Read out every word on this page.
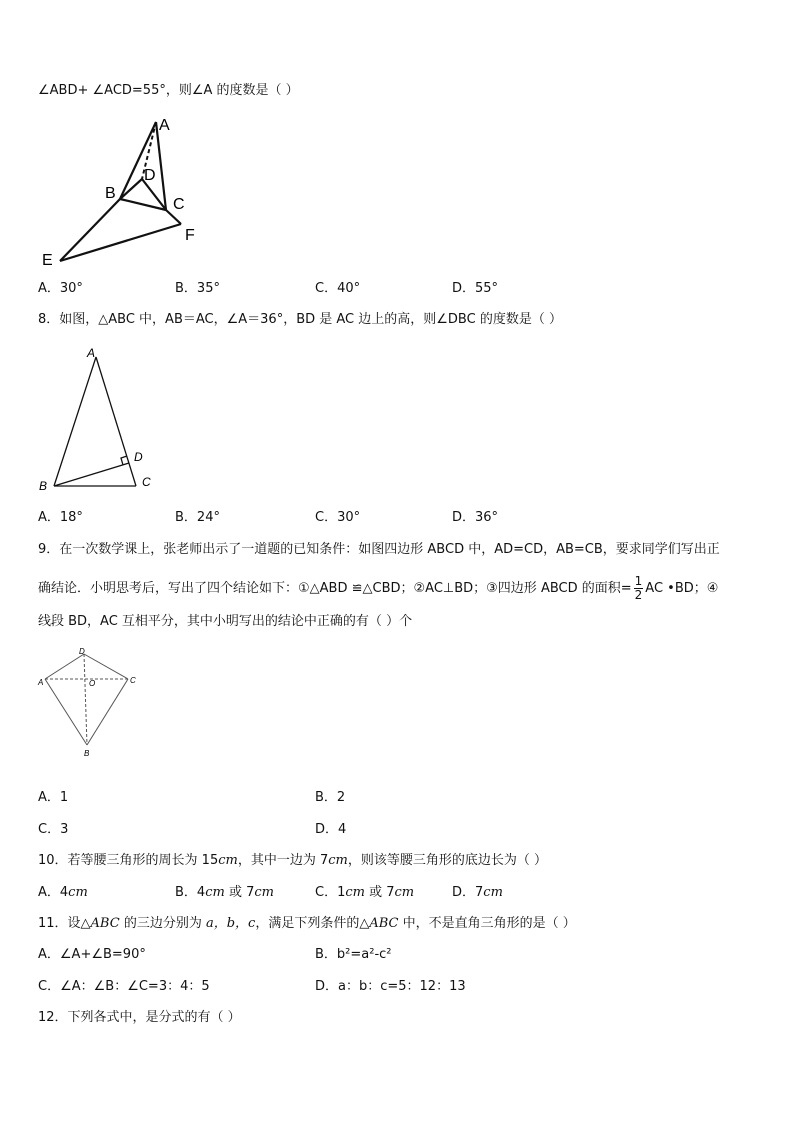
∠ABD+ ∠ACD=55°，则∠A 的度数是（ ）
A
B
D
C
F
E
A．30°	B．35°	C．40°	D．55°
8．如图，△ABC 中，AB＝AC，∠A＝36°，BD 是 AC 边上的高，则∠DBC 的度数是（ ）
A
D
B	C
A．18°	B．24°	C．30°	D．36°
9．在一次数学课上，张老师出示了一道题的已知条件：如图四边形 ABCD 中，AD=CD，AB=CB，要求同学们写出正
确结论．小明思考后，写出了四个结论如下：①△ABD ≌△CBD；②AC⊥BD；③四边形 ABCD 的面积= $\frac{1}{2}$ AC •BD；④
线段 BD，AC 互相平分，其中小明写出的结论中正确的有（ ）个
D
A	O	C
B
A．1	B．2
C．3	D．4
10．若等腰三角形的周长为 15cm，其中一边为 7cm，则该等腰三角形的底边长为（ ）
A．4cm	B．4cm 或 7cm	C．1cm 或 7cm	D．7cm
11．设△ABC 的三边分别为 a，b，c，满足下列条件的△ABC 中，不是直角三角形的是（ ）
A．∠A+∠B=90°	B．b²=a²-c²
C．∠A：∠B：∠C=3：4：5	D．a：b：c=5：12：13
12．下列各式中，是分式的有（ ）
